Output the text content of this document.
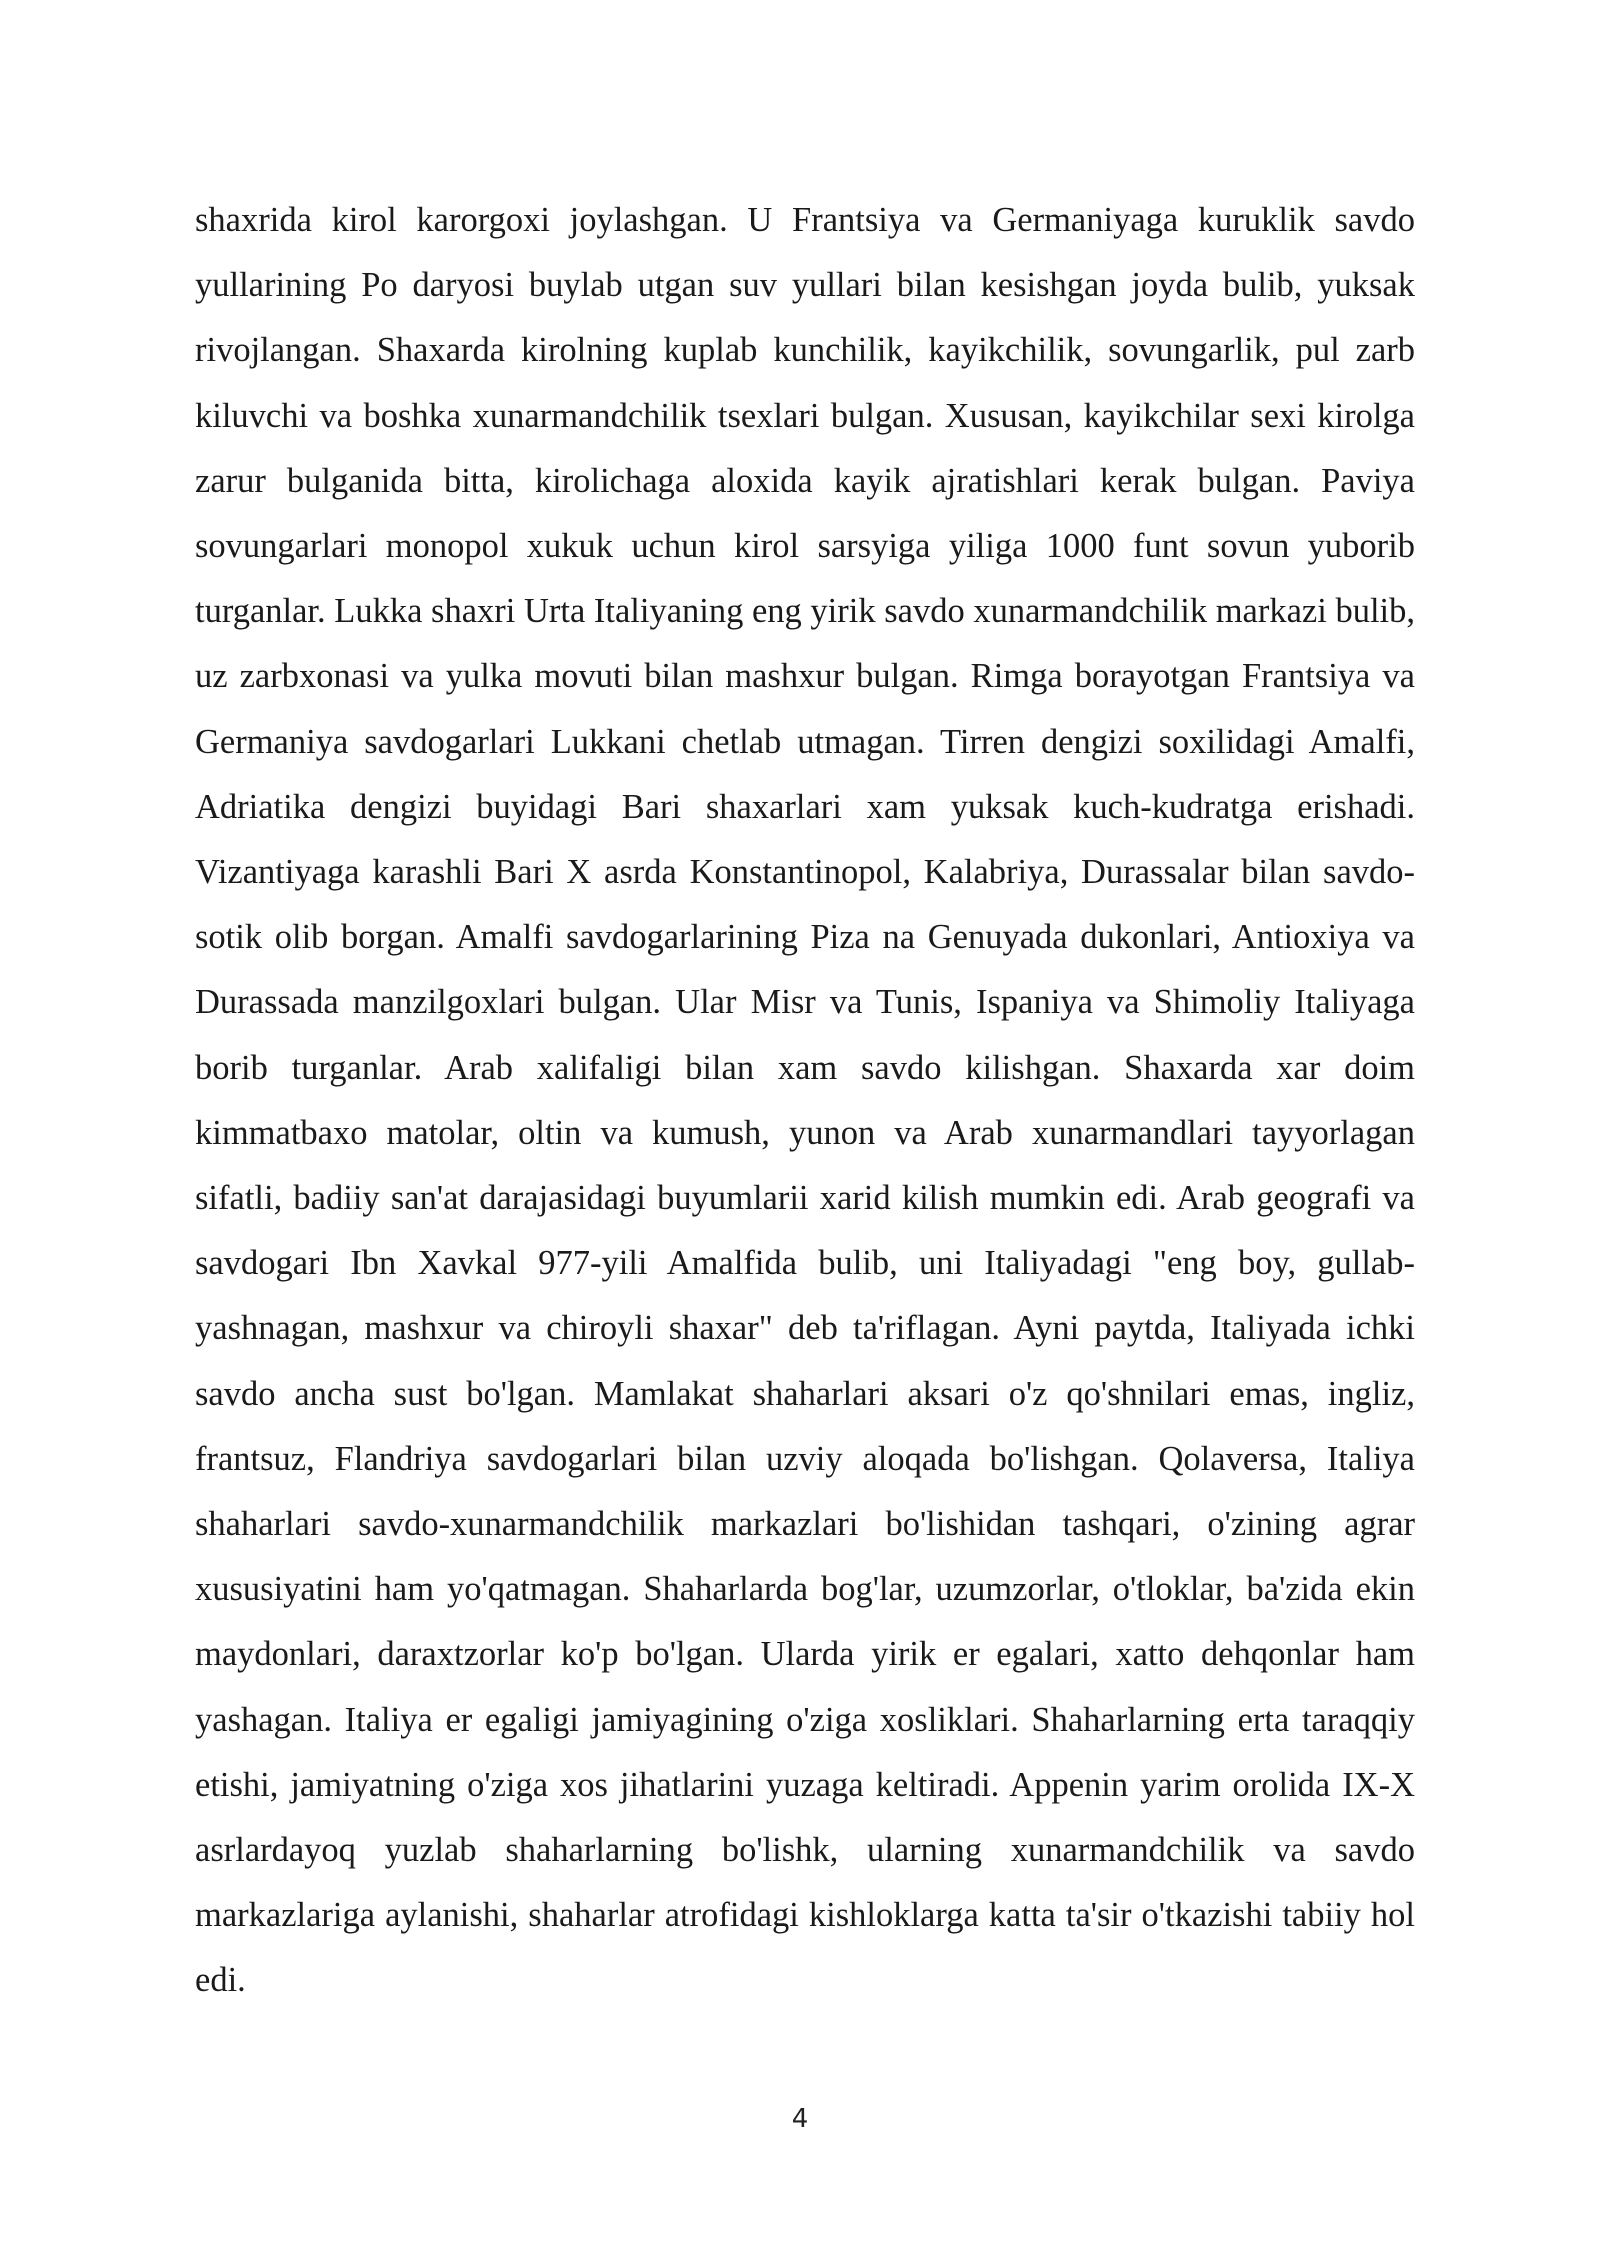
shaxrida kirol karorgoxi joylashgan. U Frantsiya va Germaniyaga kuruklik savdo yullarining Po daryosi buylab utgan suv yullari bilan kesishgan joyda bulib, yuksak rivojlangan. Shaxarda kirolning kuplab kunchilik, kayikchilik, sovungarlik, pul zarb kiluvchi va boshka xunarmandchilik tsexlari bulgan. Xususan, kayikchilar sexi kirolga zarur bulganida bitta, kirolichaga aloxida kayik ajratishlari kerak bulgan. Paviya sovungarlari monopol xukuk uchun kirol sarsyiga yiliga 1000 funt sovun yuborib turganlar. Lukka shaxri Urta Italiyaning eng yirik savdo xunarmandchilik markazi bulib, uz zarbxonasi va yulka movuti bilan mashxur bulgan. Rimga borayotgan Frantsiya va Germaniya savdogarlari Lukkani chetlab utmagan. Tirren dengizi soxilidagi Amalfi, Adriatika dengizi buyidagi Bari shaxarlari xam yuksak kuch-kudratga erishadi. Vizantiyaga karashli Bari X asrda Konstantinopol, Kalabriya, Durassalar bilan savdo-sotik olib borgan. Amalfi savdogarlarining Piza na Genuyada dukonlari, Antioxiya va Durassada manzilgoxlari bulgan. Ular Misr va Tunis, Ispaniya va Shimoliy Italiyaga borib turganlar. Arab xalifaligi bilan xam savdo kilishgan. Shaxarda xar doim kimmatbaxo matolar, oltin va kumush, yunon va Arab xunarmandlari tayyorlagan sifatli, badiiy san'at darajasidagi buyumlarii xarid kilish mumkin edi. Arab geografi va savdogari Ibn Xavkal 977-yili Amalfida bulib, uni Italiyadagi "eng boy, gullab-yashnagan, mashxur va chiroyli shaxar" deb ta'riflagan. Ayni paytda, Italiyada ichki savdo ancha sust bo'lgan. Mamlakat shaharlari aksari o'z qo'shnilari emas, ingliz, frantsuz, Flandriya savdogarlari bilan uzviy aloqada bo'lishgan. Qolaversa, Italiya shaharlari savdo-xunarmandchilik markazlari bo'lishidan tashqari, o'zining agrar xususiyatini ham yo'qatmagan. Shaharlarda bog'lar, uzumzorlar, o'tloklar, ba'zida ekin maydonlari, daraxtzorlar ko'p bo'lgan. Ularda yirik er egalari, xatto dehqonlar ham yashagan. Italiya er egaligi jamiyagining o'ziga xosliklari. Shaharlarning erta taraqqiy etishi, jamiyatning o'ziga xos jihatlarini yuzaga keltiradi. Appenin yarim orolida IX-X asrlardayoq yuzlab shaharlarning bo'lishk, ularning xunarmandchilik va savdo markazlariga aylanishi, shaharlar atrofidagi kishloklarga katta ta'sir o'tkazishi tabiiy hol edi.

4
